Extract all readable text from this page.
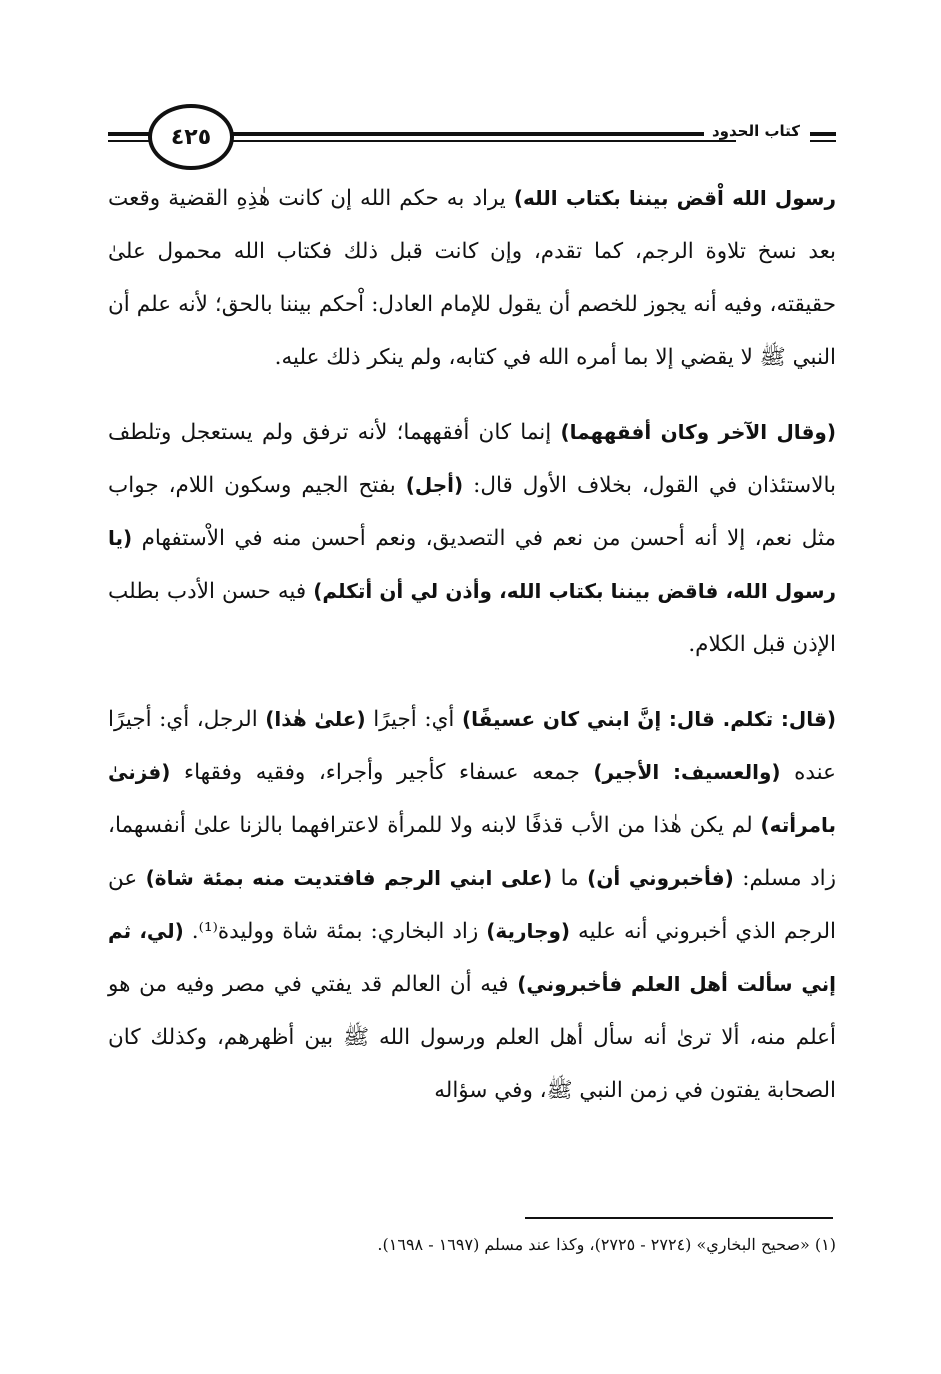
٤٢٥	كتاب الحدود

رسول الله اْقض بيننا بكتاب الله) يراد به حكم الله إن كانت هٰذِهِ القضية وقعت بعد نسخ تلاوة الرجم، كما تقدم، وإن كانت قبل ذلك فكتاب الله محمول علىٰ حقيقته، وفيه أنه يجوز للخصم أن يقول للإمام العادل: اْحكم بيننا بالحق؛ لأنه علم أن النبي ﷺ لا يقضي إلا بما أمره الله في كتابه، ولم ينكر ذلك عليه.

(وقال الآخر وكان أفقههما) إنما كان أفقههما؛ لأنه ترفق ولم يستعجل وتلطف بالاستئذان في القول، بخلاف الأول قال: (أجل) بفتح الجيم وسكون اللام، جواب مثل نعم، إلا أنه أحسن من نعم في التصديق، ونعم أحسن منه في الاْستفهام (يا رسول الله، فاقض بيننا بكتاب الله، وأذن لي أن أتكلم) فيه حسن الأدب بطلب الإذن قبل الكلام.

(قال: تكلم. قال: إنَّ ابني كان عسيفًا) أي: أجيرًا (علىٰ هٰذا) الرجل، أي: أجيرًا عنده (والعسيف: الأجير) جمعه عسفاء كأجير وأجراء، وفقيه وفقهاء (فزنىٰ بامرأته) لم يكن هٰذا من الأب قذفًا لابنه ولا للمرأة لاعترافهما بالزنا علىٰ أنفسهما، زاد مسلم: (فأخبروني أن) ما (على ابني الرجم فافتديت منه بمئة شاة) عن الرجم الذي أخبروني أنه عليه (وجارية) زاد البخاري: بمئة شاة ووليدة⁽¹⁾. (لي، ثم إني سألت أهل العلم فأخبروني) فيه أن العالم قد يفتي في مصر وفيه من هو أعلم منه، ألا ترىٰ أنه سأل أهل العلم ورسول الله ﷺ بين أظهرهم، وكذلك كان الصحابة يفتون في زمن النبي ﷺ، وفي سؤاله

(١) «صحيح البخاري» (٢٧٢٤ - ٢٧٢٥)، وكذا عند مسلم (١٦٩٧ - ١٦٩٨).
